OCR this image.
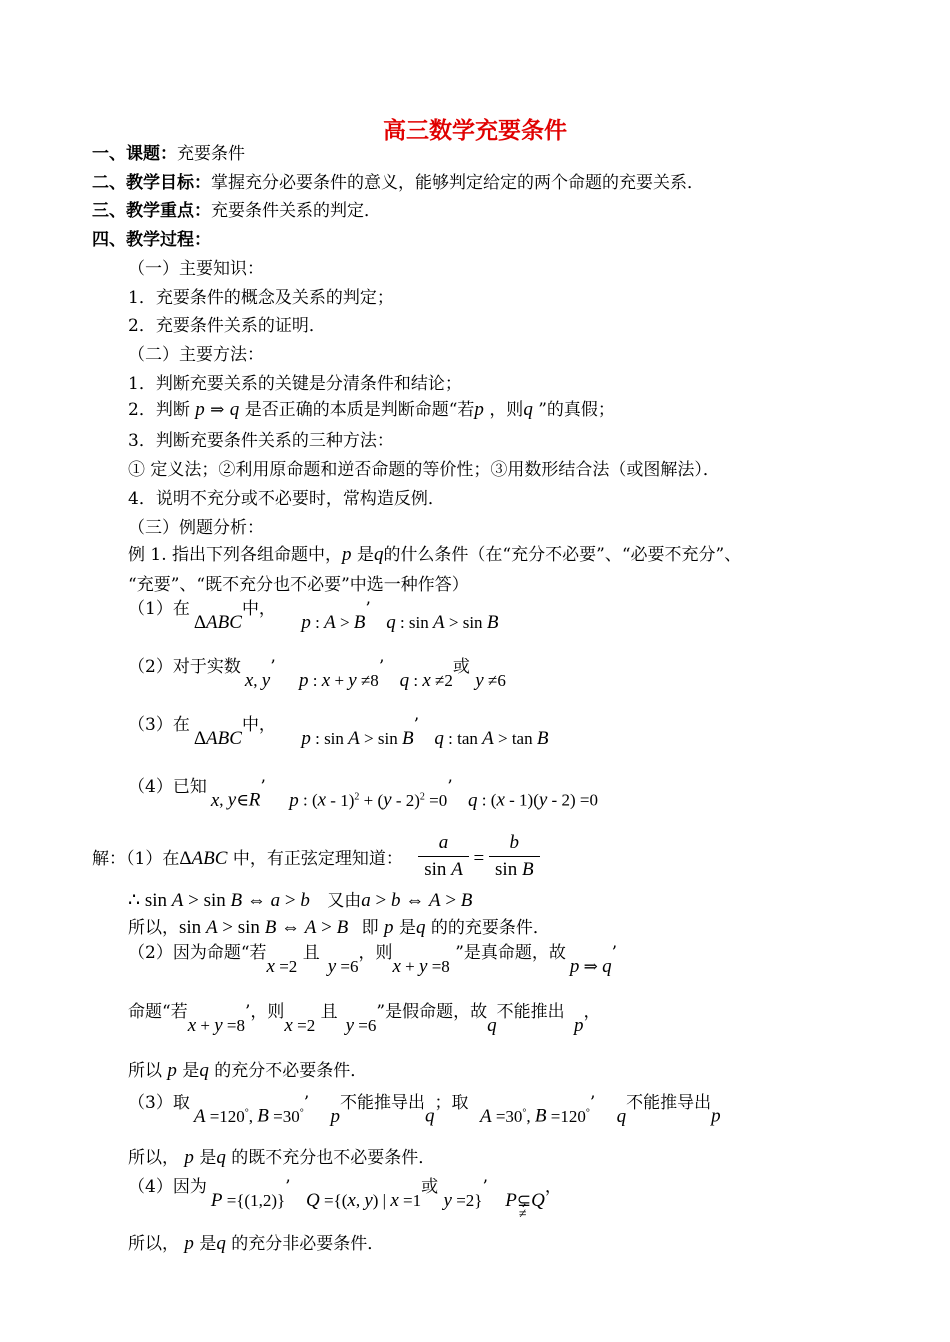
高三数学充要条件
一、课题：充要条件
二、教学目标：掌握充分必要条件的意义，能够判定给定的两个命题的充要关系．
三、教学重点：充要条件关系的判定．
四、教学过程：
（一）主要知识：
1．充要条件的概念及关系的判定；
2．充要条件关系的证明．
（二）主要方法：
1．判断充要关系的关键是分清条件和结论；
2．判断 p ⇒ q 是否正确的本质是判断命题“若p ，则q ”的真假；
3．判断充要条件关系的三种方法：
① 定义法；②利用原命题和逆否命题的等价性；③用数形结合法（或图解法）．
4．说明不充分或不必要时，常构造反例．
（三）例题分析：
例 1. 指出下列各组命题中，p 是q的什么条件（在“充分不必要”、“必要不充分”、
“充要”、“既不充分也不必要”中选一种作答）
（1）在ΔABC中， p : A > B’ q : sin A > sin B
（2）对于实数x, y’ p : x + y ≠8’ q : x ≠2或 y ≠6
（3）在ΔABC中， p : sin A > sin B’ q : tan A > tan B
（4）已知x, y∈R’ p : (x - 1)$^2$ + (y - 2)$^2$ =0’ q : (x - 1)(y - 2) =0
解：（1）在ΔABC 中，有正弦定理知道： $\frac{a}{\text{sin A}} = \frac{b}{\text{sin B}}$
∴ sin A > sin B ⇔ a > b 又由a > b ⇔ A > B
所以，sin A > sin B ⇔ A > B 即 p 是q 的的充要条件．
（2）因为命题“若x =2 且y =6，则x + y =8 ”是真命题，故p ⇒ q’
命题“若x + y =8’，则x =2 且y =6”是假命题，故q不能推出 p，
所以 p 是q 的充分不必要条件．
（3）取A =120°, B =30°’ p不能推导出q；取 A =30°, B =120°’ q不能推导出p
所以， p 是q 的既不充分也不必要条件．
（4）因为P ={(1,2)}’ Q ={(x, y) | x =1或 y =2}’ P⊊
≠
Q，
所以， p 是q 的充分非必要条件．
